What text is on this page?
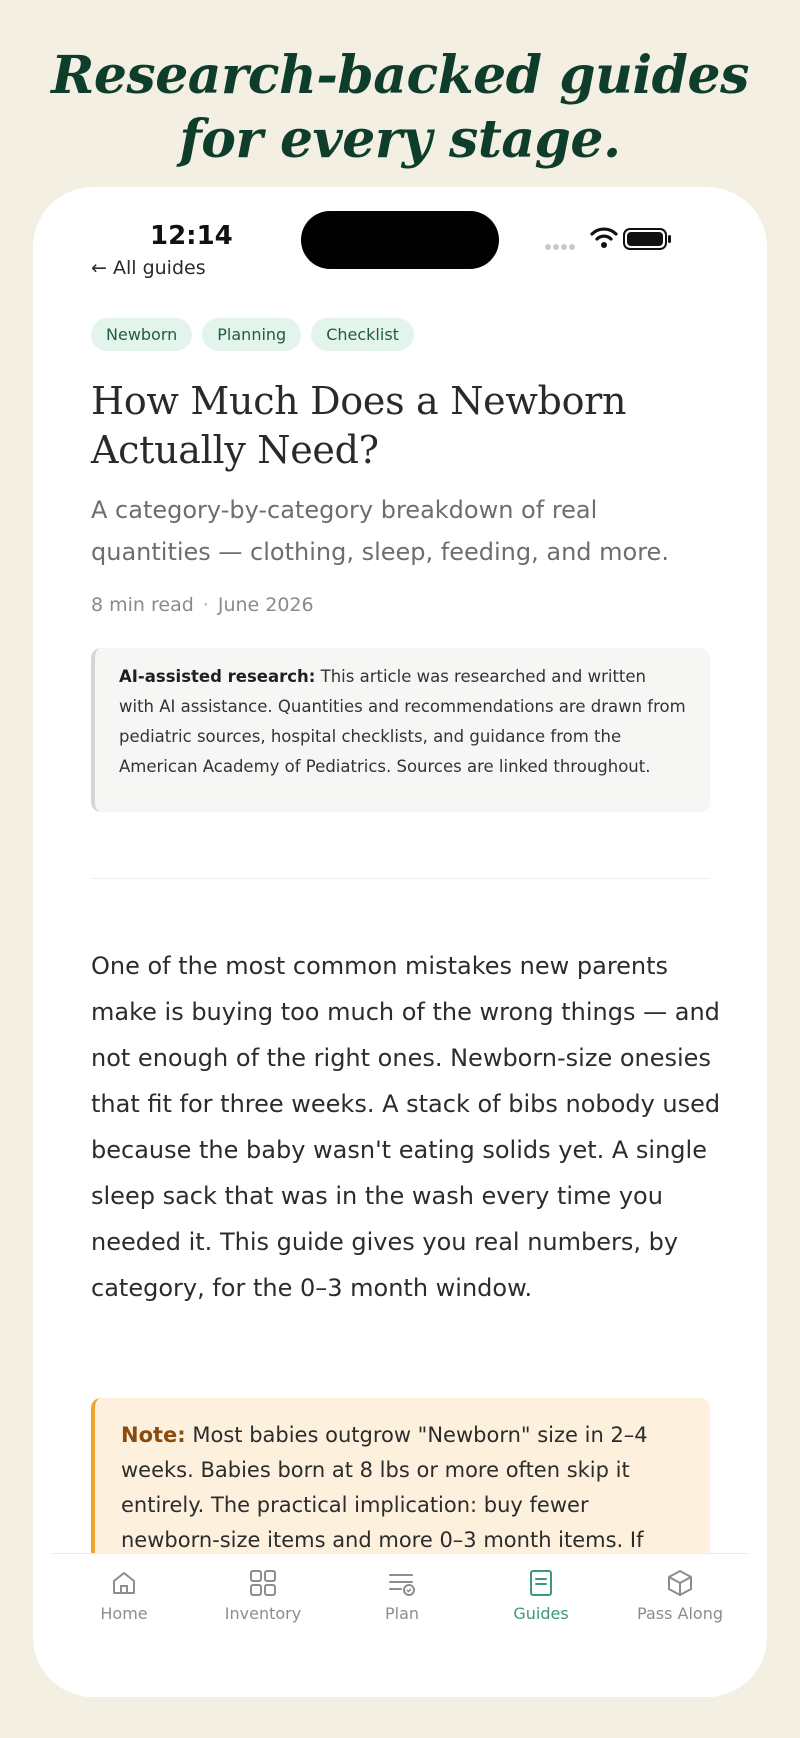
Research-backed guides
for every stage.
12:14
← All guides
Newborn	Planning	Checklist
How Much Does a Newborn Actually Need?
A category-by-category breakdown of real quantities — clothing, sleep, feeding, and more.
8 min read · June 2026
AI-assisted research: This article was researched and written with AI assistance. Quantities and recommendations are drawn from pediatric sources, hospital checklists, and guidance from the American Academy of Pediatrics. Sources are linked throughout.
One of the most common mistakes new parents make is buying too much of the wrong things — and not enough of the right ones. Newborn-size onesies that fit for three weeks. A stack of bibs nobody used because the baby wasn't eating solids yet. A single sleep sack that was in the wash every time you needed it. This guide gives you real numbers, by category, for the 0–3 month window.
Note: Most babies outgrow "Newborn" size in 2–4 weeks. Babies born at 8 lbs or more often skip it entirely. The practical implication: buy fewer newborn-size items and more 0–3 month items. If
Home	Inventory	Plan	Guides	Pass Along
